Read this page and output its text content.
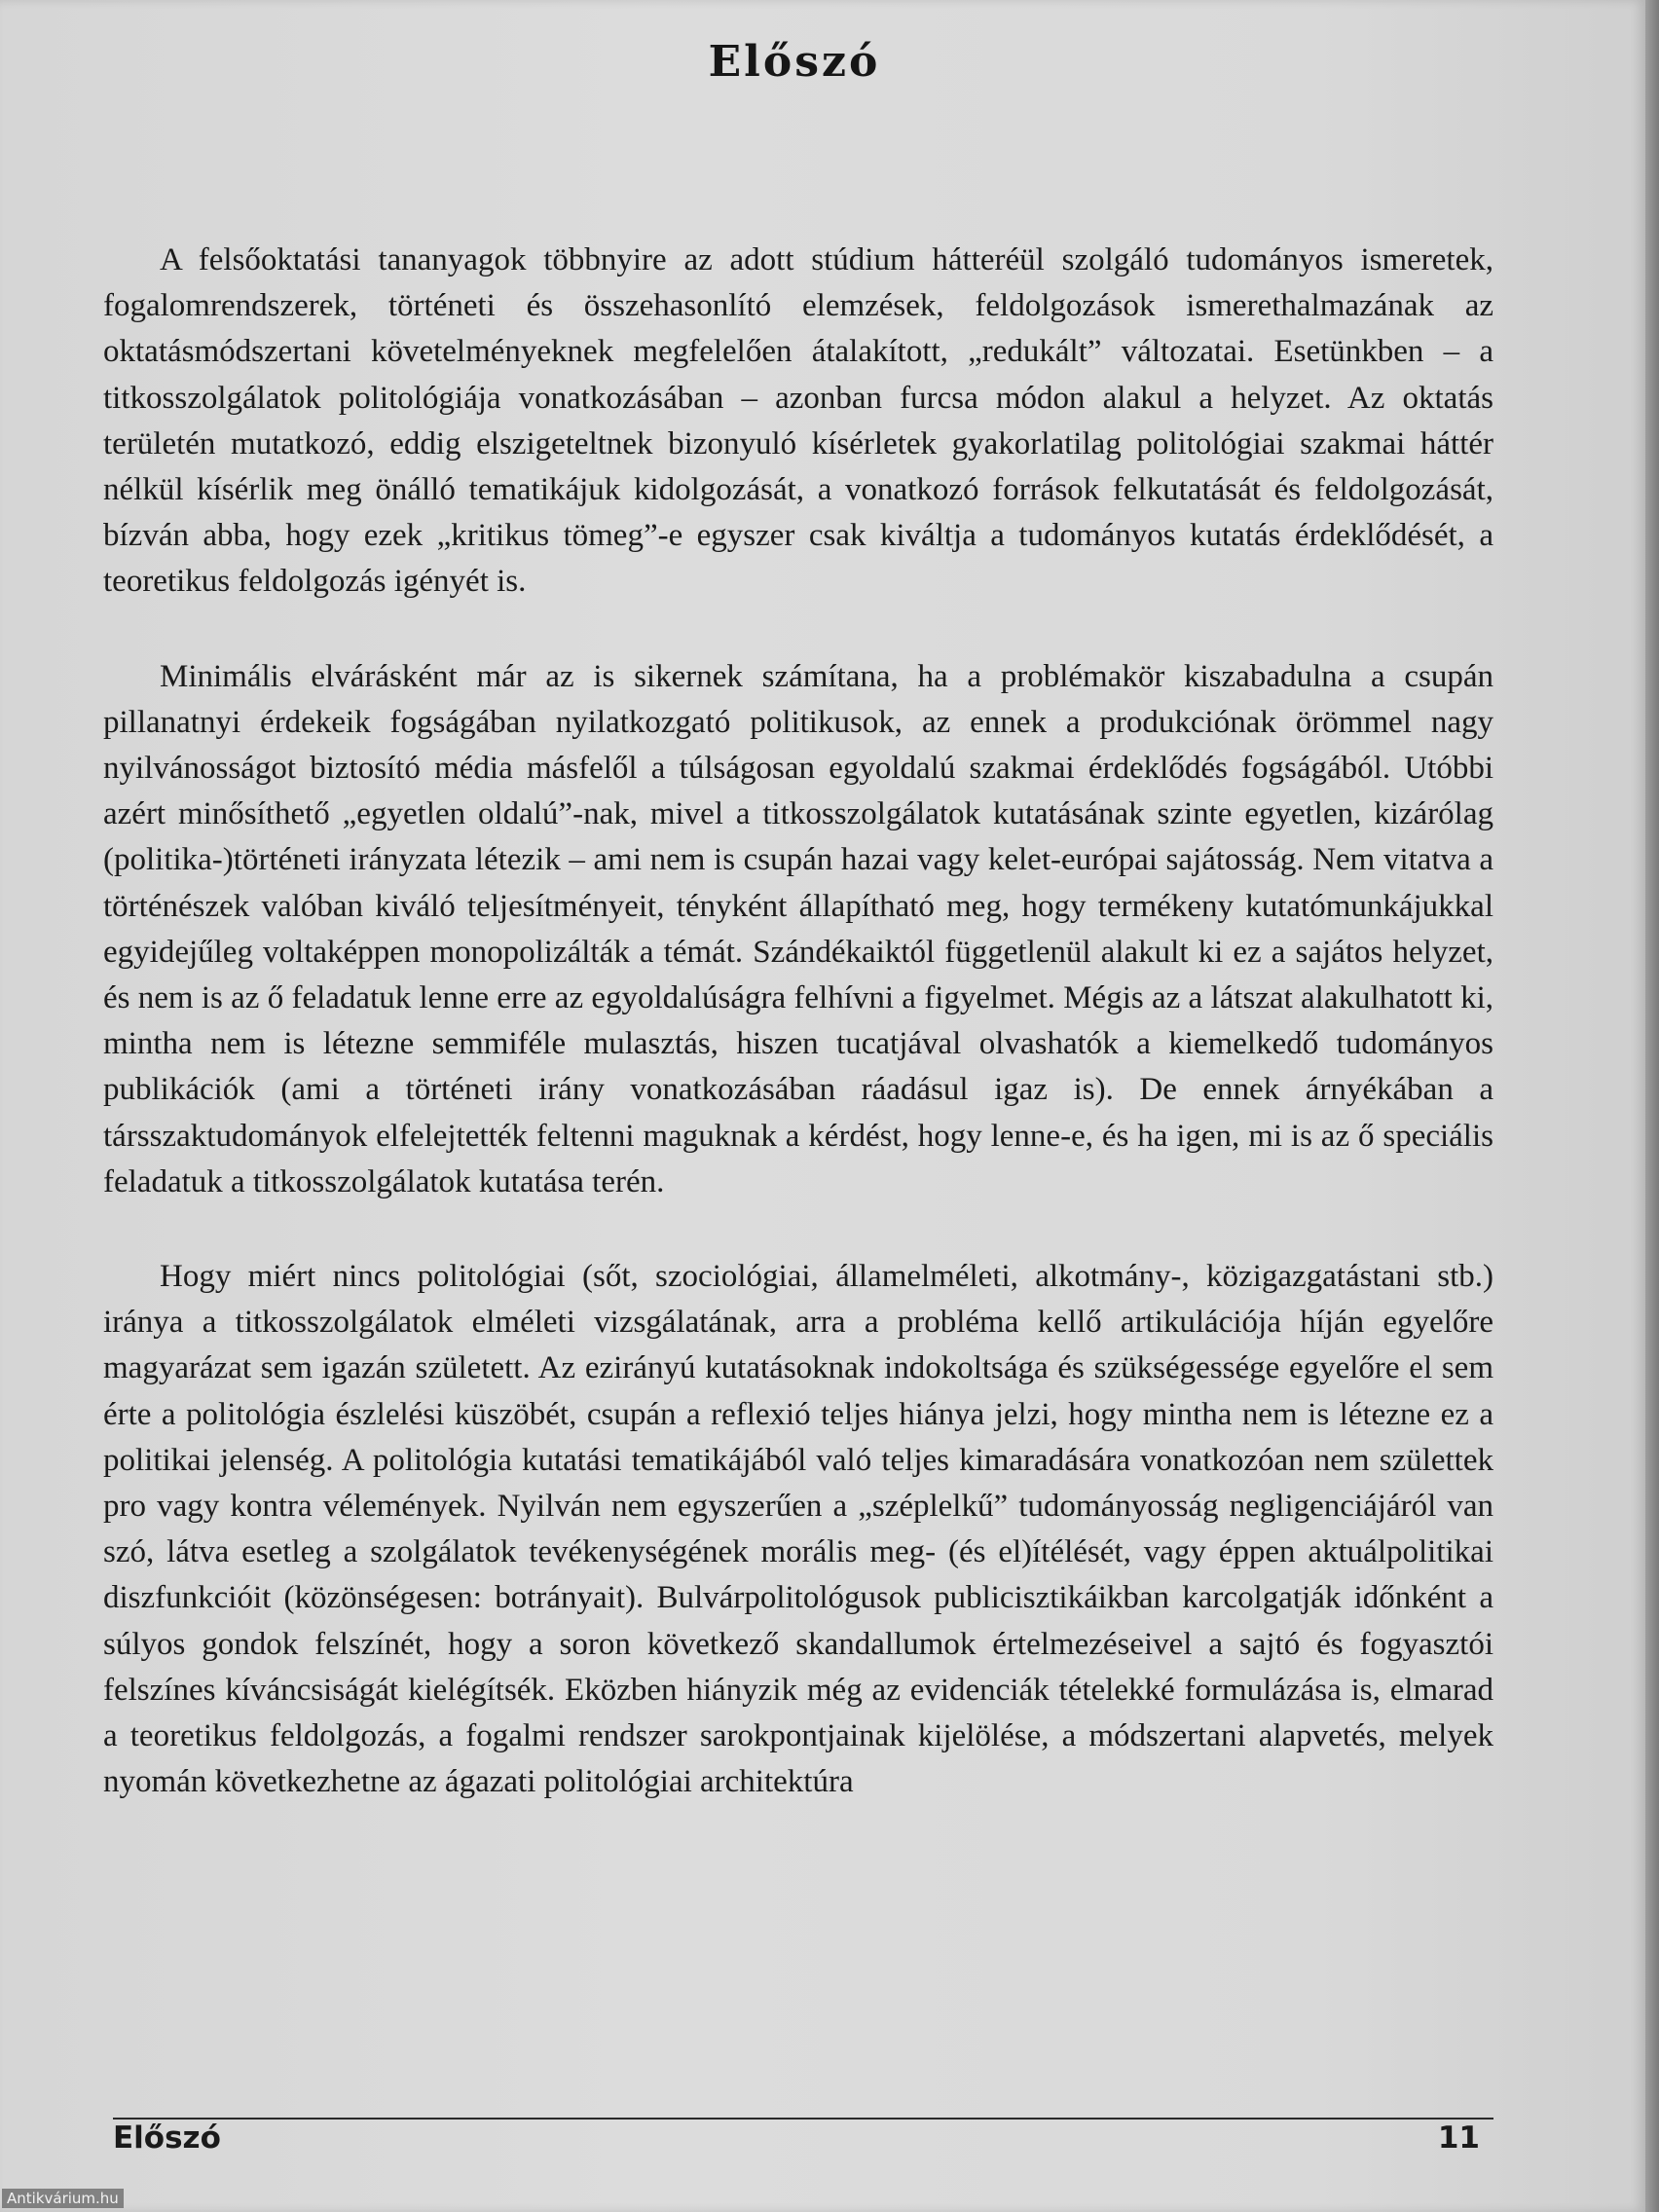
Előszó

A felsőoktatási tananyagok többnyire az adott stúdium hátteréül szolgáló tudományos ismeretek, fogalomrendszerek, történeti és összehasonlító elemzések, feldolgozások ismerethalmazának az oktatásmódszertani követelményeknek megfelelően átalakított, „redukált” változatai. Esetünkben – a titkosszolgálatok politológiája vonatkozásában – azonban furcsa módon alakul a helyzet. Az oktatás területén mutatkozó, eddig elszigeteltnek bizonyuló kísérletek gyakorlatilag politológiai szakmai háttér nélkül kísérlik meg önálló tematikájuk kidolgozását, a vonatkozó források felkutatását és feldolgozását, bízván abba, hogy ezek „kritikus tömeg”-e egyszer csak kiváltja a tudományos kutatás érdeklődését, a teoretikus feldolgozás igényét is.

Minimális elvárásként már az is sikernek számítana, ha a problémakör kiszabadulna a csupán pillanatnyi érdekeik fogságában nyilatkozgató politikusok, az ennek a produkciónak örömmel nagy nyilvánosságot biztosító média másfelől a túlságosan egyoldalú szakmai érdeklődés fogságából. Utóbbi azért minősíthető „egyetlen oldalú”-nak, mivel a titkosszolgálatok kutatásának szinte egyetlen, kizárólag (politika-)történeti irányzata létezik – ami nem is csupán hazai vagy kelet-európai sajátosság. Nem vitatva a történészek valóban kiváló teljesítményeit, tényként állapítható meg, hogy termékeny kutatómunkájukkal egyidejűleg voltaképpen monopolizálták a témát. Szándékaiktól függetlenül alakult ki ez a sajátos helyzet, és nem is az ő feladatuk lenne erre az egyoldalúságra felhívni a figyelmet. Mégis az a látszat alakulhatott ki, mintha nem is létezne semmiféle mulasztás, hiszen tucatjával olvashatók a kiemelkedő tudományos publikációk (ami a történeti irány vonatkozásában ráadásul igaz is). De ennek árnyékában a társszaktudományok elfelejtették feltenni maguknak a kérdést, hogy lenne-e, és ha igen, mi is az ő speciális feladatuk a titkosszolgálatok kutatása terén.

Hogy miért nincs politológiai (sőt, szociológiai, államelméleti, alkotmány-, közigazgatástani stb.) iránya a titkosszolgálatok elméleti vizsgálatának, arra a probléma kellő artikulációja híján egyelőre magyarázat sem igazán született. Az ezirányú kutatásoknak indokoltsága és szükségessége egyelőre el sem érte a politológia észlelési küszöbét, csupán a reflexió teljes hiánya jelzi, hogy mintha nem is létezne ez a politikai jelenség. A politológia kutatási tematikájából való teljes kimaradására vonatkozóan nem születtek pro vagy kontra vélemények. Nyilván nem egyszerűen a „széplelkű” tudományosság negligenciájáról van szó, látva esetleg a szolgálatok tevékenységének morális meg- (és el)ítélését, vagy éppen aktuálpolitikai diszfunkcióit (közönségesen: botrányait). Bulvárpolitológusok publicisztikáikban karcolgatják időnként a súlyos gondok felszínét, hogy a soron következő skandallumok értelmezéseivel a sajtó és fogyasztói felszínes kíváncsiságát kielégítsék. Eközben hiányzik még az evidenciák tételekké formulázása is, elmarad a teoretikus feldolgozás, a fogalmi rendszer sarokpontjainak kijelölése, a módszertani alapvetés, melyek nyomán következhetne az ágazati politológiai architektúra

Előszó	11
Antikvárium.hu
